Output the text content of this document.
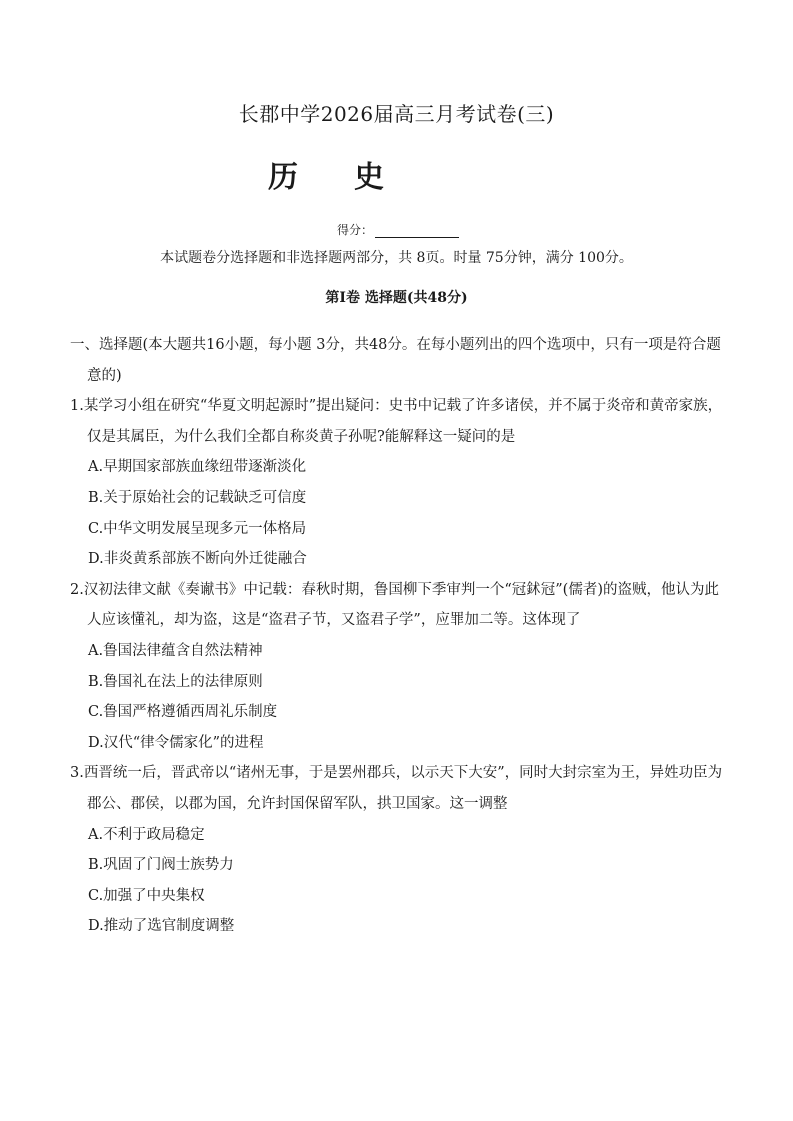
长郡中学2026届高三月考试卷(三)
历 史
得分：
本试题卷分选择题和非选择题两部分，共 8页。时量 75分钟，满分 100分。
第Ⅰ卷 选择题(共48分)

一、选择题(本大题共16小题，每小题 3分，共48分。在每小题列出的四个选项中，只有一项是符合题意的)

1.某学习小组在研究“华夏文明起源时”提出疑问：史书中记载了许多诸侯，并不属于炎帝和黄帝家族，仅是其属臣，为什么我们全都自称炎黄子孙呢?能解释这一疑问的是

A.早期国家部族血缘纽带逐渐淡化

B.关于原始社会的记载缺乏可信度

C.中华文明发展呈现多元一体格局

D.非炎黄系部族不断向外迁徙融合

2.汉初法律文献《奏谳书》中记载：春秋时期，鲁国柳下季审判一个“冠鉥冠”(儒者)的盗贼，他认为此人应该懂礼，却为盗，这是“盗君子节，又盗君子学”，应罪加二等。这体现了

A.鲁国法律蕴含自然法精神

B.鲁国礼在法上的法律原则

C.鲁国严格遵循西周礼乐制度

D.汉代“律令儒家化”的进程

3.西晋统一后，晋武帝以“诸州无事，于是罢州郡兵，以示天下大安”，同时大封宗室为王，异姓功臣为郡公、郡侯，以郡为国，允许封国保留军队，拱卫国家。这一调整

A.不利于政局稳定

B.巩固了门阀士族势力

C.加强了中央集权

D.推动了选官制度调整
